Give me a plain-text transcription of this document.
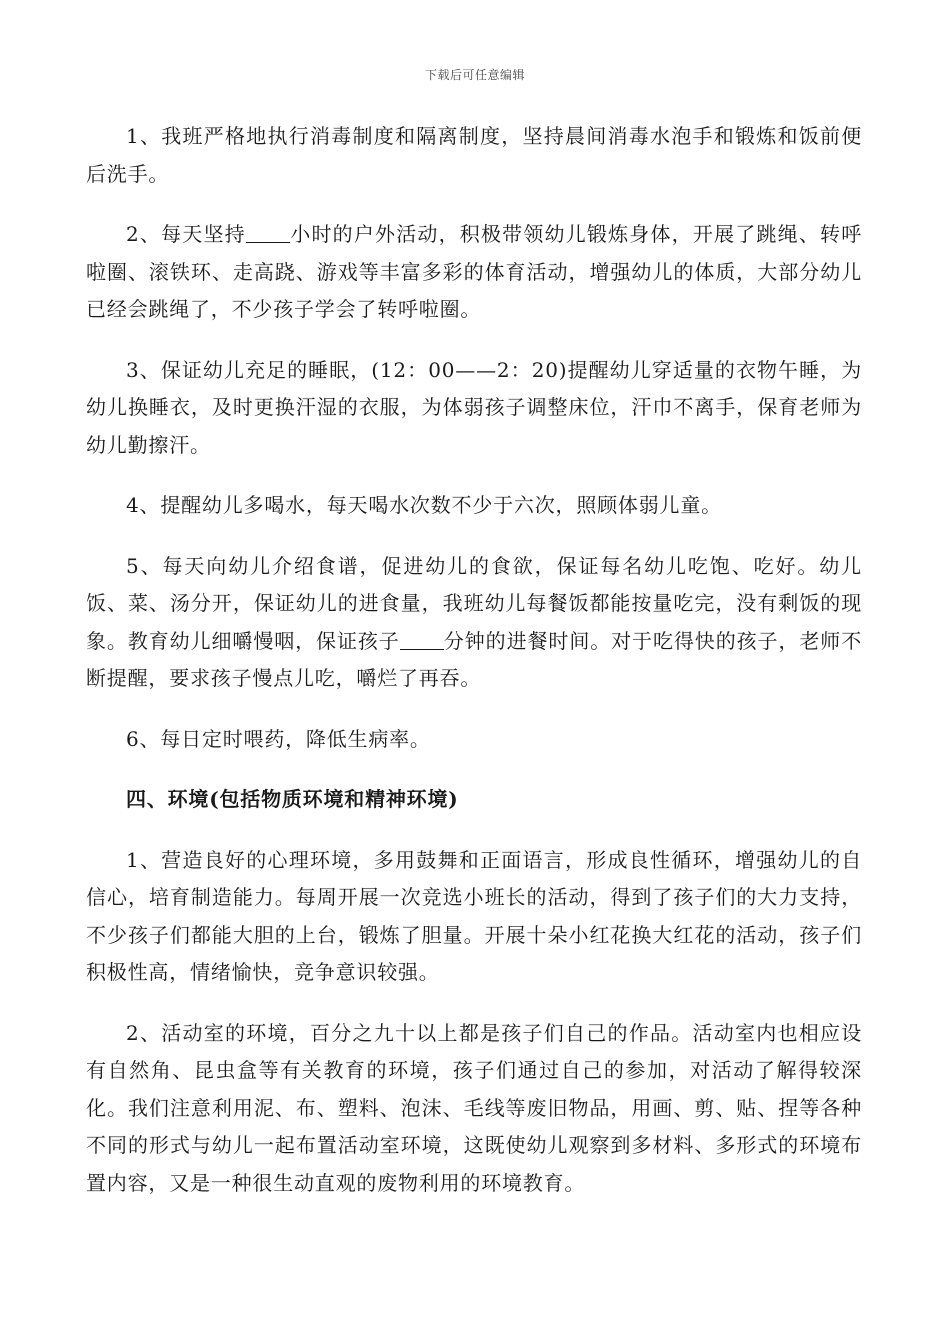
下载后可任意编辑

1、我班严格地执行消毒制度和隔离制度，坚持晨间消毒水泡手和锻炼和饭前便后洗手。

2、每天坚持 小时的户外活动，积极带领幼儿锻炼身体，开展了跳绳、转呼啦圈、滚铁环、走高跷、游戏等丰富多彩的体育活动，增强幼儿的体质，大部分幼儿已经会跳绳了，不少孩子学会了转呼啦圈。

3、保证幼儿充足的睡眠，(12：00——2：20)提醒幼儿穿适量的衣物午睡，为幼儿换睡衣，及时更换汗湿的衣服，为体弱孩子调整床位，汗巾不离手，保育老师为幼儿勤擦汗。

4、提醒幼儿多喝水，每天喝水次数不少于六次，照顾体弱儿童。

5、每天向幼儿介绍食谱，促进幼儿的食欲，保证每名幼儿吃饱、吃好。幼儿饭、菜、汤分开，保证幼儿的进食量，我班幼儿每餐饭都能按量吃完，没有剩饭的现象。教育幼儿细嚼慢咽，保证孩子 分钟的进餐时间。对于吃得快的孩子，老师不断提醒，要求孩子慢点儿吃，嚼烂了再吞。

6、每日定时喂药，降低生病率。

四、环境(包括物质环境和精神环境)

1、营造良好的心理环境，多用鼓舞和正面语言，形成良性循环，增强幼儿的自信心，培育制造能力。每周开展一次竞选小班长的活动，得到了孩子们的大力支持，不少孩子们都能大胆的上台，锻炼了胆量。开展十朵小红花换大红花的活动，孩子们积极性高，情绪愉快，竞争意识较强。

2、活动室的环境，百分之九十以上都是孩子们自己的作品。活动室内也相应设有自然角、昆虫盒等有关教育的环境，孩子们通过自己的参加，对活动了解得较深化。我们注意利用泥、布、塑料、泡沫、毛线等废旧物品，用画、剪、贴、捏等各种不同的形式与幼儿一起布置活动室环境，这既使幼儿观察到多材料、多形式的环境布置内容，又是一种很生动直观的废物利用的环境教育。
